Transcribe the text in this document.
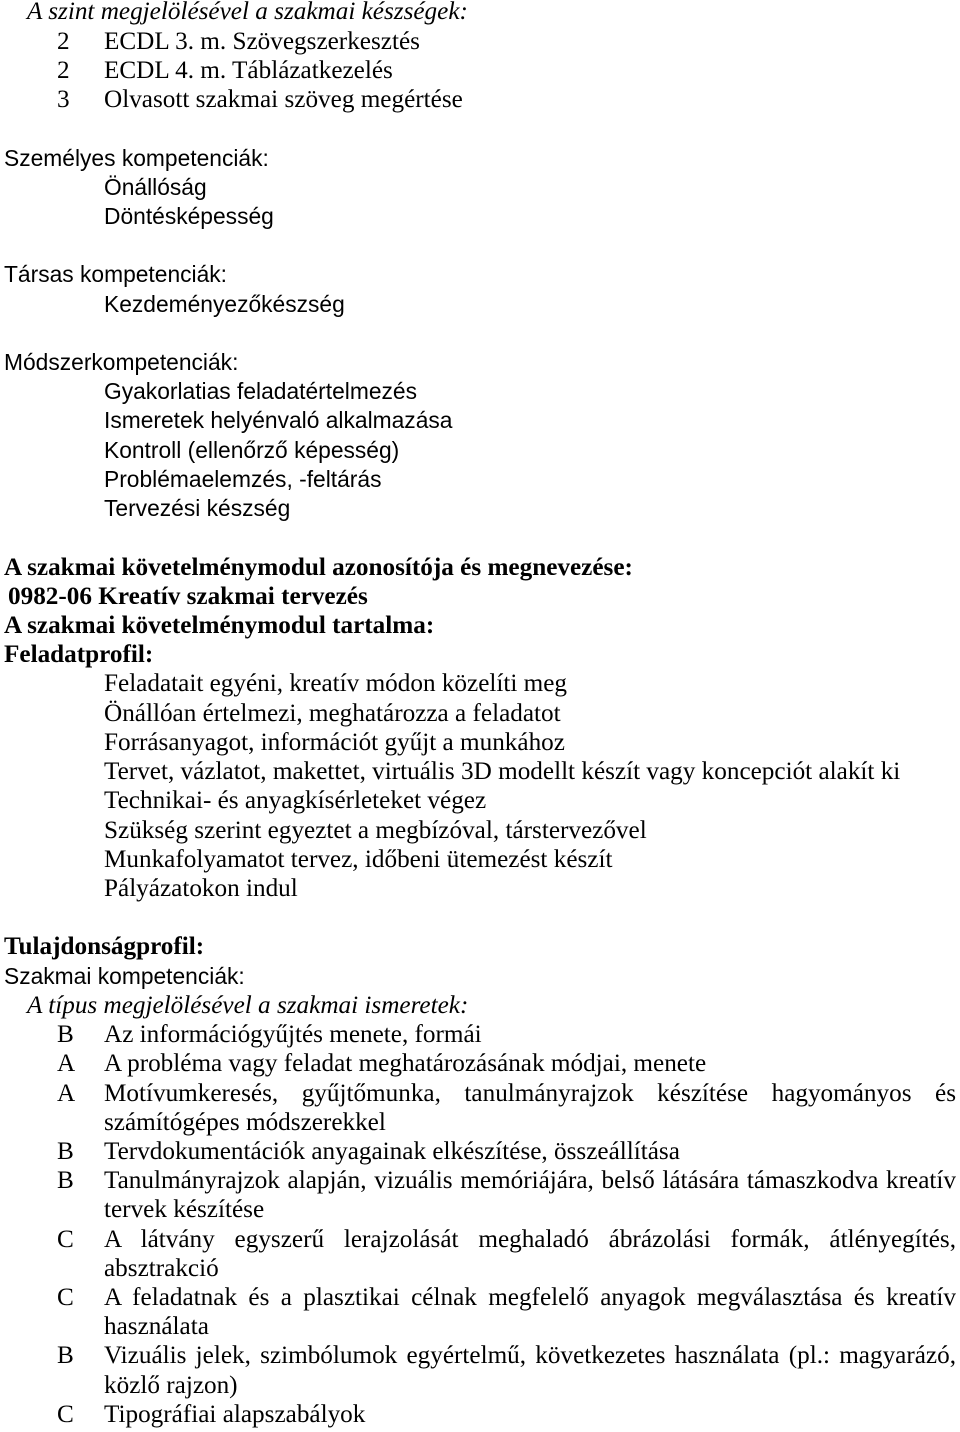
A szint megjelölésével a szakmai készségek:
2 ECDL 3. m. Szövegszerkesztés
2 ECDL 4. m. Táblázatkezelés
3 Olvasott szakmai szöveg megértése
Személyes kompetenciák:
Önállóság
Döntésképesség
Társas kompetenciák:
Kezdeményezőkészség
Módszerkompetenciák:
Gyakorlatias feladatértelmezés
Ismeretek helyénvaló alkalmazása
Kontroll (ellenőrző képesség)
Problémaelemzés, -feltárás
Tervezési készség
A szakmai követelménymodul azonosítója és megnevezése:
0982-06 Kreatív szakmai tervezés
A szakmai követelménymodul tartalma:
Feladatprofil:
Feladatait egyéni, kreatív módon közelíti meg
Önállóan értelmezi, meghatározza a feladatot
Forrásanyagot, információt gyűjt a munkához
Tervet, vázlatot, makettet, virtuális 3D modellt készít vagy koncepciót alakít ki
Technikai- és anyagkísérleteket végez
Szükség szerint egyeztet a megbízóval, társtervezővel
Munkafolyamatot tervez, időbeni ütemezést készít
Pályázatokon indul
Tulajdonságprofil:
Szakmai kompetenciák:
A típus megjelölésével a szakmai ismeretek:
B Az információgyűjtés menete, formái
A A probléma vagy feladat meghatározásának módjai, menete
A Motívumkeresés, gyűjtőmunka, tanulmányrajzok készítése hagyományos és
számítógépes módszerekkel
B Tervdokumentációk anyagainak elkészítése, összeállítása
B Tanulmányrajzok alapján, vizuális memóriájára, belső látására támaszkodva kreatív
tervek készítése
C A látvány egyszerű lerajzolását meghaladó ábrázolási formák, átlényegítés,
absztrakció
C A feladatnak és a plasztikai célnak megfelelő anyagok megválasztása és kreatív
használata
B Vizuális jelek, szimbólumok egyértelmű, következetes használata (pl.: magyarázó,
közlő rajzon)
C Tipográfiai alapszabályok
